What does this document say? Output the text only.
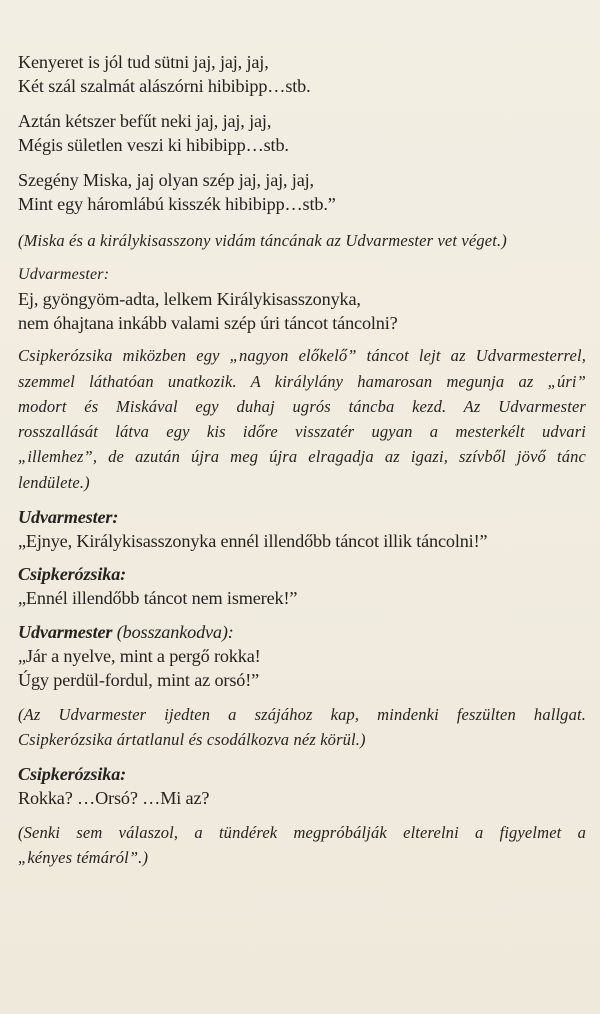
Kenyeret is jól tud sütni jaj, jaj, jaj,
Két szál szalmát alászórni hibibipp…stb.
Aztán kétszer befűt neki jaj, jaj, jaj,
Mégis sületlen veszi ki hibibipp…stb.
Szegény Miska, jaj olyan szép jaj, jaj, jaj,
Mint egy háromlábú kisszék hibibipp…stb.”
(Miska és a királykisasszony vidám táncának az Udvarmester vet véget.)
Udvarmester:
Ej, gyöngyöm-adta, lelkem Királykisasszonyka,
nem óhajtana inkább valami szép úri táncot táncolni?
Csipkerózsika miközben egy „nagyon előkelő” táncot lejt az Udvarmesterrel,
szemmel láthatóan unatkozik. A királylány hamarosan megunja az „úri”
modort és Miskával egy duhaj ugrós táncba kezd. Az Udvarmester
rosszallását látva egy kis időre visszatér ugyan a mesterkélt udvari
„illemhez”, de azután újra meg újra elragadja az igazi, szívből jövő tánc
lendülete.)
Udvarmester:
„Ejnye, Királykisasszonyka ennél illendőbb táncot illik táncolni!”
Csipkerózsika:
„Ennél illendőbb táncot nem ismerek!”
Udvarmester (bosszankodva):
„Jár a nyelve, mint a pergő rokka!
Úgy perdül-fordul, mint az orsó!”
(Az Udvarmester ijedten a szájához kap, mindenki feszülten hallgat.
Csipkerózsika ártatlanul és csodálkozva néz körül.)
Csipkerózsika:
Rokka? …Orsó? …Mi az?
(Senki sem válaszol, a tündérek megpróbálják elterelni a figyelmet a
„kényes témáról”.)
